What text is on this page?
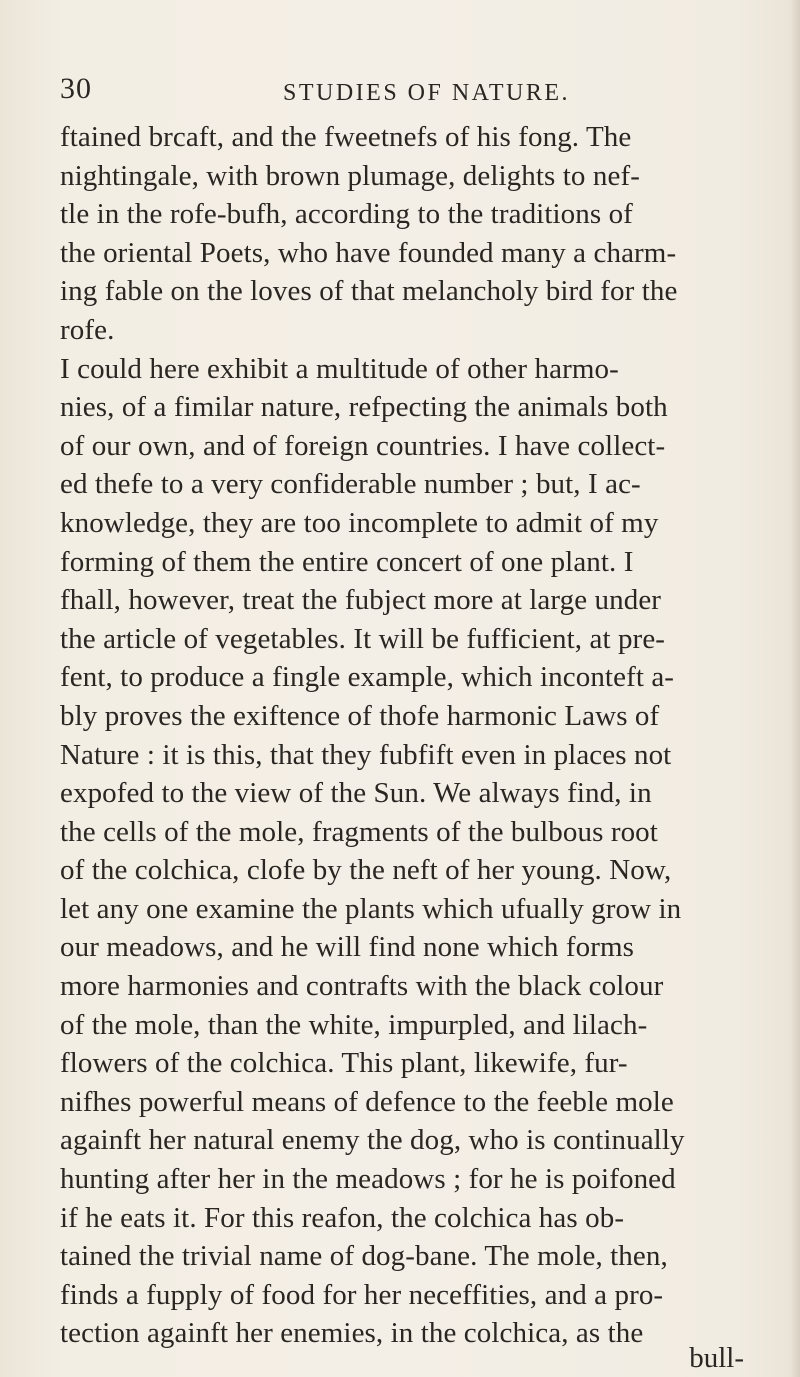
30	STUDIES OF NATURE.
ftained brcaft, and the fweetnefs of his fong. The
nightingale, with brown plumage, delights to nef-
tle in the rofe-bufh, according to the traditions of
the oriental Poets, who have founded many a charm-
ing fable on the loves of that melancholy bird for the
rofe.
I could here exhibit a multitude of other harmo-
nies, of a fimilar nature, refpecting the animals both
of our own, and of foreign countries. I have collect-
ed thefe to a very confiderable number ; but, I ac-
knowledge, they are too incomplete to admit of my
forming of them the entire concert of one plant. I
fhall, however, treat the fubject more at large under
the article of vegetables. It will be fufficient, at pre-
fent, to produce a fingle example, which inconteft a-
bly proves the exiftence of thofe harmonic Laws of
Nature : it is this, that they fubfift even in places not
expofed to the view of the Sun. We always find, in
the cells of the mole, fragments of the bulbous root
of the colchica, clofe by the neft of her young. Now,
let any one examine the plants which ufually grow in
our meadows, and he will find none which forms
more harmonies and contrafts with the black colour
of the mole, than the white, impurpled, and lilach-
flowers of the colchica. This plant, likewife, fur-
nifhes powerful means of defence to the feeble mole
againft her natural enemy the dog, who is continually
hunting after her in the meadows ; for he is poifoned
if he eats it. For this reafon, the colchica has ob-
tained the trivial name of dog-bane. The mole, then,
finds a fupply of food for her neceffities, and a pro-
tection againft her enemies, in the colchica, as the
bull-
